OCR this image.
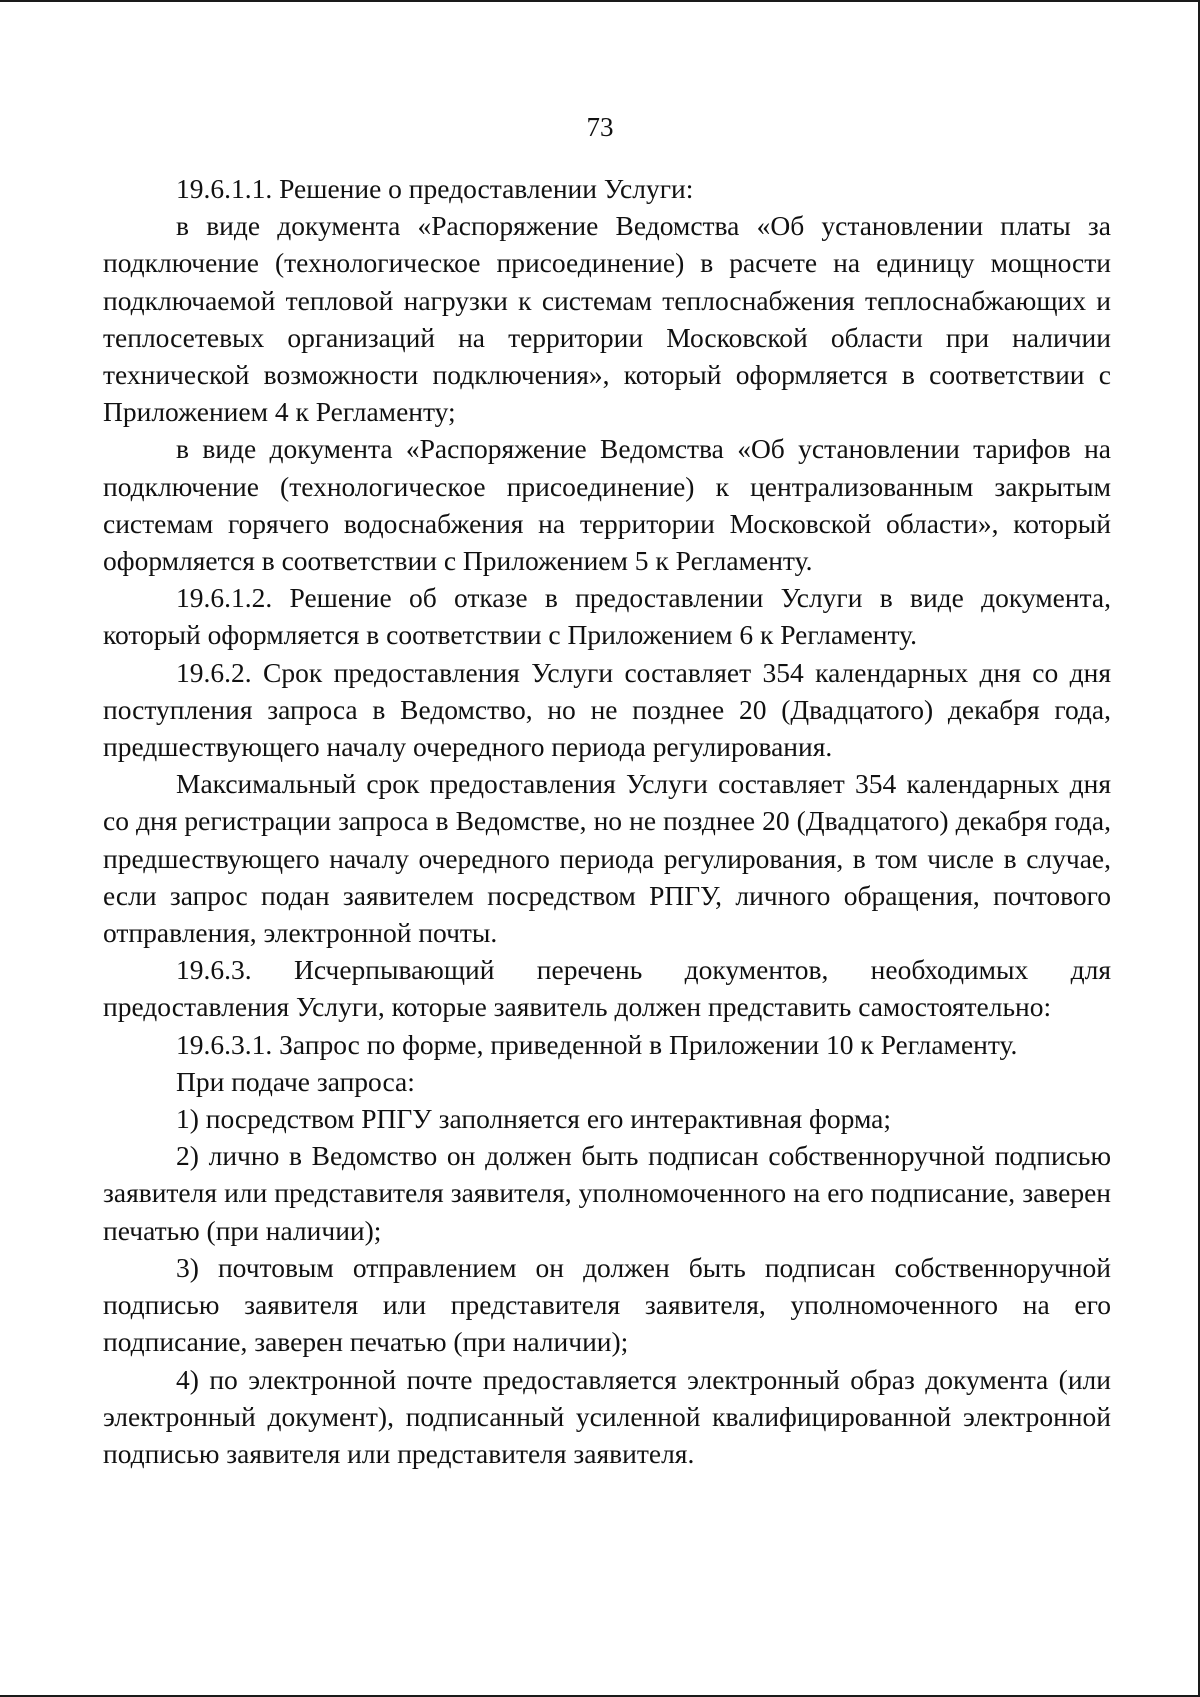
73

19.6.1.1. Решение о предоставлении Услуги:

в виде документа «Распоряжение Ведомства «Об установлении платы за подключение (технологическое присоединение) в расчете на единицу мощности подключаемой тепловой нагрузки к системам теплоснабжения теплоснабжающих и теплосетевых организаций на территории Московской области при наличии технической возможности подключения», который оформляется в соответствии с Приложением 4 к Регламенту;

в виде документа «Распоряжение Ведомства «Об установлении тарифов на подключение (технологическое присоединение) к централизованным закрытым системам горячего водоснабжения на территории Московской области», который оформляется в соответствии с Приложением 5 к Регламенту.

19.6.1.2. Решение об отказе в предоставлении Услуги в виде документа, который оформляется в соответствии с Приложением 6 к Регламенту.

19.6.2. Срок предоставления Услуги составляет 354 календарных дня со дня поступления запроса в Ведомство, но не позднее 20 (Двадцатого) декабря года, предшествующего началу очередного периода регулирования.

Максимальный срок предоставления Услуги составляет 354 календарных дня со дня регистрации запроса в Ведомстве, но не позднее 20 (Двадцатого) декабря года, предшествующего началу очередного периода регулирования, в том числе в случае, если запрос подан заявителем посредством РПГУ, личного обращения, почтового отправления, электронной почты.

19.6.3. Исчерпывающий перечень документов, необходимых для предоставления Услуги, которые заявитель должен представить самостоятельно:

19.6.3.1. Запрос по форме, приведенной в Приложении 10 к Регламенту.

При подаче запроса:

1) посредством РПГУ заполняется его интерактивная форма;

2) лично в Ведомство он должен быть подписан собственноручной подписью заявителя или представителя заявителя, уполномоченного на его подписание, заверен печатью (при наличии);

3) почтовым отправлением он должен быть подписан собственноручной подписью заявителя или представителя заявителя, уполномоченного на его подписание, заверен печатью (при наличии);

4) по электронной почте предоставляется электронный образ документа (или электронный документ), подписанный усиленной квалифицированной электронной подписью заявителя или представителя заявителя.
